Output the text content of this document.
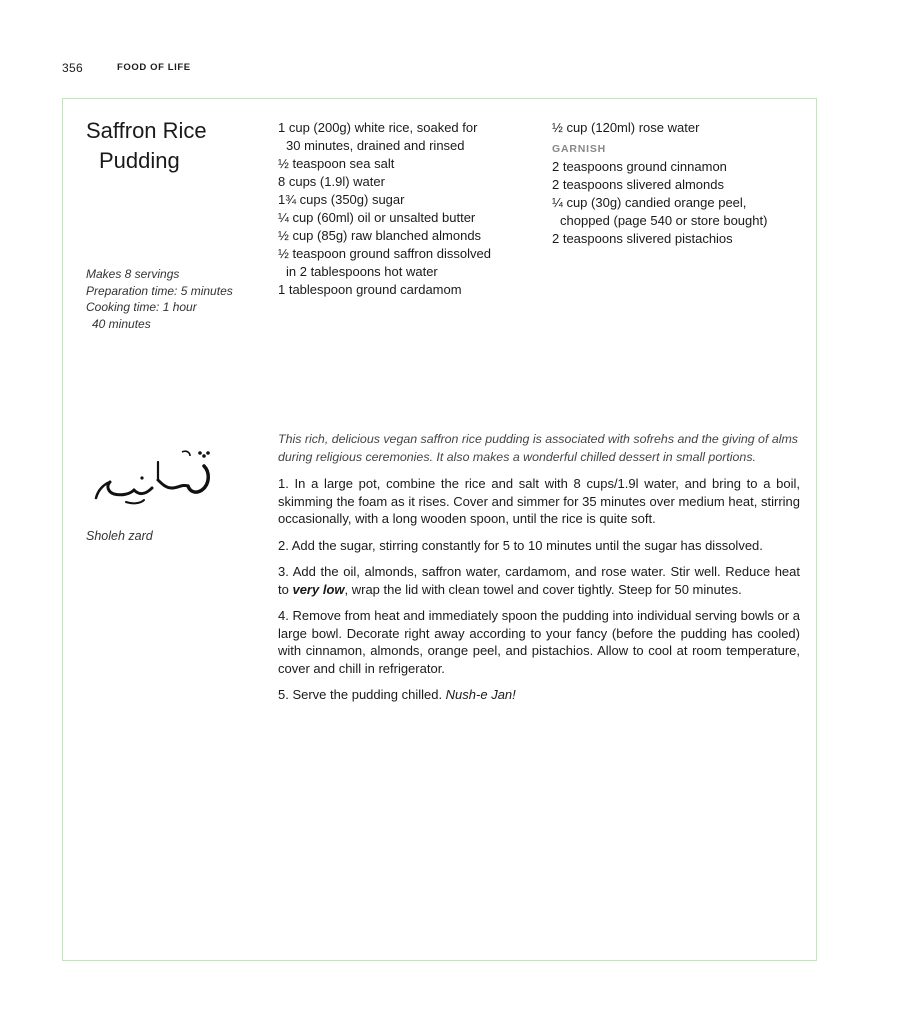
356	FOOD OF LIFE
Saffron Rice
Pudding
Makes 8 servings
Preparation time: 5 minutes
Cooking time: 1 hour
40 minutes
1 cup (200g) white rice, soaked for
30 minutes, drained and rinsed
½ teaspoon sea salt
8 cups (1.9l) water
1¾ cups (350g) sugar
¼ cup (60ml) oil or unsalted butter
½ cup (85g) raw blanched almonds
½ teaspoon ground saffron dissolved
in 2 tablespoons hot water
1 tablespoon ground cardamom
½ cup (120ml) rose water
GARNISH
2 teaspoons ground cinnamon
2 teaspoons slivered almonds
¼ cup (30g) candied orange peel,
chopped (page 540 or store bought)
2 teaspoons slivered pistachios
Sholeh zard

This rich, delicious vegan saffron rice pudding is associated with sofrehs and the giving of alms during religious ceremonies. It also makes a wonderful chilled dessert in small portions.

1. In a large pot, combine the rice and salt with 8 cups/1.9l water, and bring to a boil, skimming the foam as it rises. Cover and simmer for 35 minutes over medium heat, stirring occasionally, with a long wooden spoon, until the rice is quite soft.

2. Add the sugar, stirring constantly for 5 to 10 minutes until the sugar has dissolved.

3. Add the oil, almonds, saffron water, cardamom, and rose water. Stir well. Reduce heat to very low, wrap the lid with clean towel and cover tightly. Steep for 50 minutes.

4. Remove from heat and immediately spoon the pudding into individual serving bowls or a large bowl. Decorate right away according to your fancy (before the pudding has cooled) with cinnamon, almonds, orange peel, and pistachios. Allow to cool at room temperature, cover and chill in refrigerator.

5. Serve the pudding chilled. Nush-e Jan!
